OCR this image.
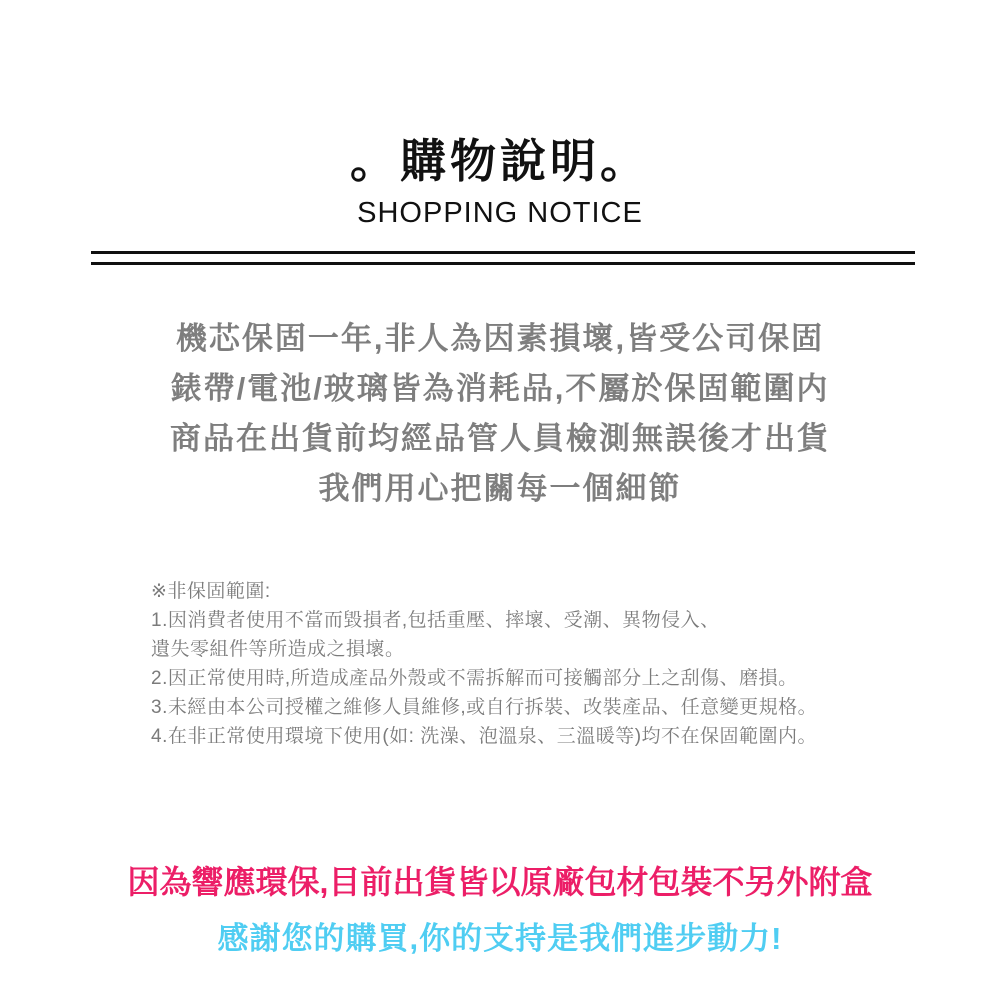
。購物說明。
SHOPPING NOTICE
機芯保固一年,非人為因素損壞,皆受公司保固
錶帶/電池/玻璃皆為消耗品,不屬於保固範圍内
商品在出貨前均經品管人員檢測無誤後才出貨
我們用心把關每一個細節
※非保固範圍:
1.因消費者使用不當而毀損者,包括重壓、摔壞、受潮、異物侵入、
遺失零組件等所造成之損壞。
2.因正常使用時,所造成產品外殼或不需拆解而可接觸部分上之刮傷、磨損。
3.未經由本公司授權之維修人員維修,或自行拆裝、改裝產品、任意變更規格。
4.在非正常使用環境下使用(如: 洗澡、泡溫泉、三溫暖等)均不在保固範圍内。
因為響應環保,目前出貨皆以原廠包材包裝不另外附盒
感謝您的購買,你的支持是我們進步動力!
